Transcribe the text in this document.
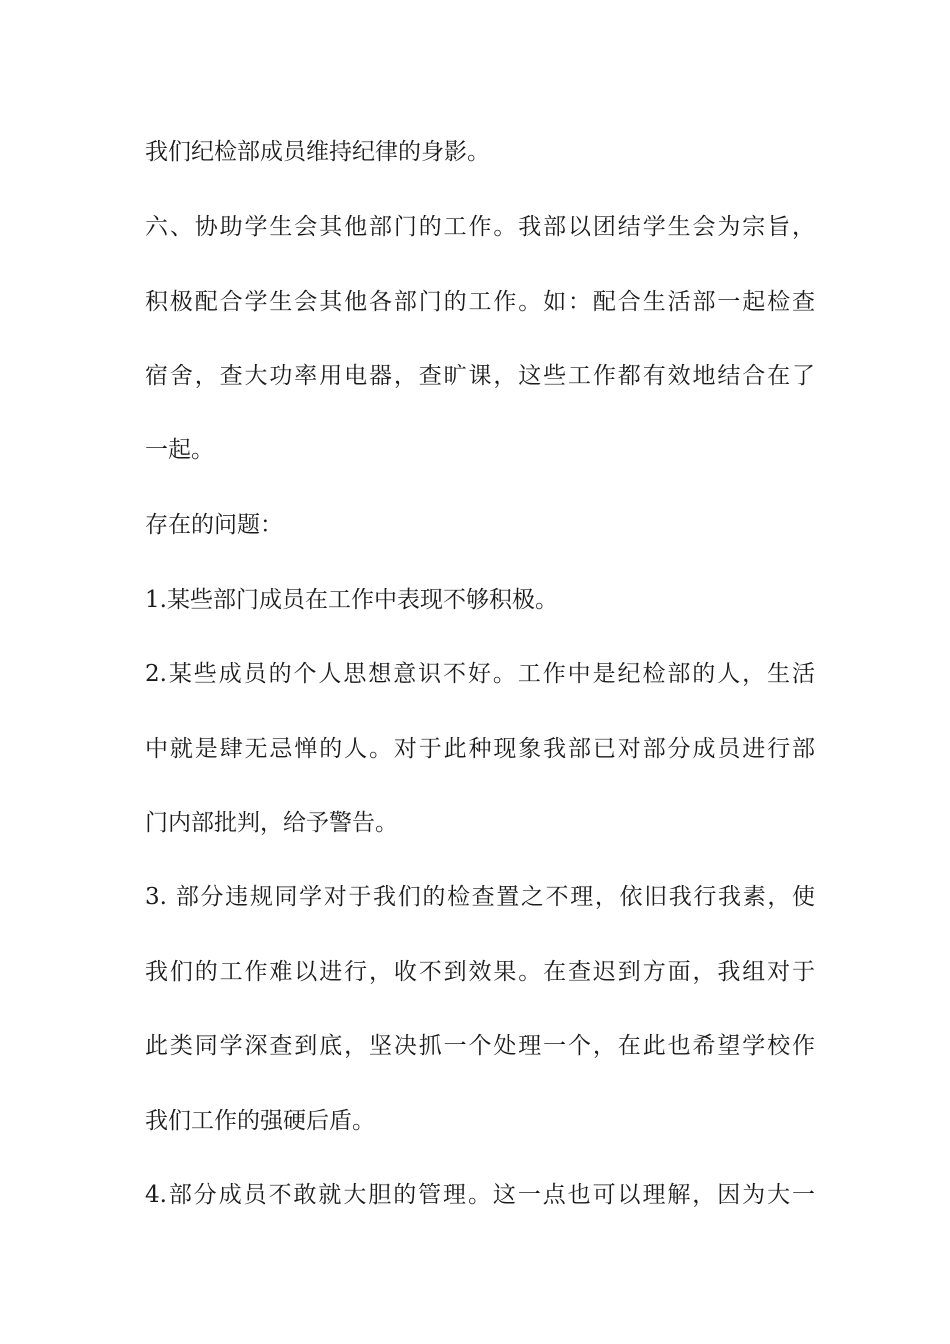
我们纪检部成员维持纪律的身影。
六、协助学生会其他部门的工作。我部以团结学生会为宗旨，
积极配合学生会其他各部门的工作。如：配合生活部一起检查
宿舍，查大功率用电器，查旷课，这些工作都有效地结合在了
一起。
存在的问题：
1.某些部门成员在工作中表现不够积极。
2.某些成员的个人思想意识不好。工作中是纪检部的人，生活
中就是肆无忌惮的人。对于此种现象我部已对部分成员进行部
门内部批判，给予警告。
3. 部分违规同学对于我们的检查置之不理，依旧我行我素，使
我们的工作难以进行，收不到效果。在查迟到方面，我组对于
此类同学深查到底，坚决抓一个处理一个，在此也希望学校作
我们工作的强硬后盾。
4.部分成员不敢就大胆的管理。这一点也可以理解，因为大一
